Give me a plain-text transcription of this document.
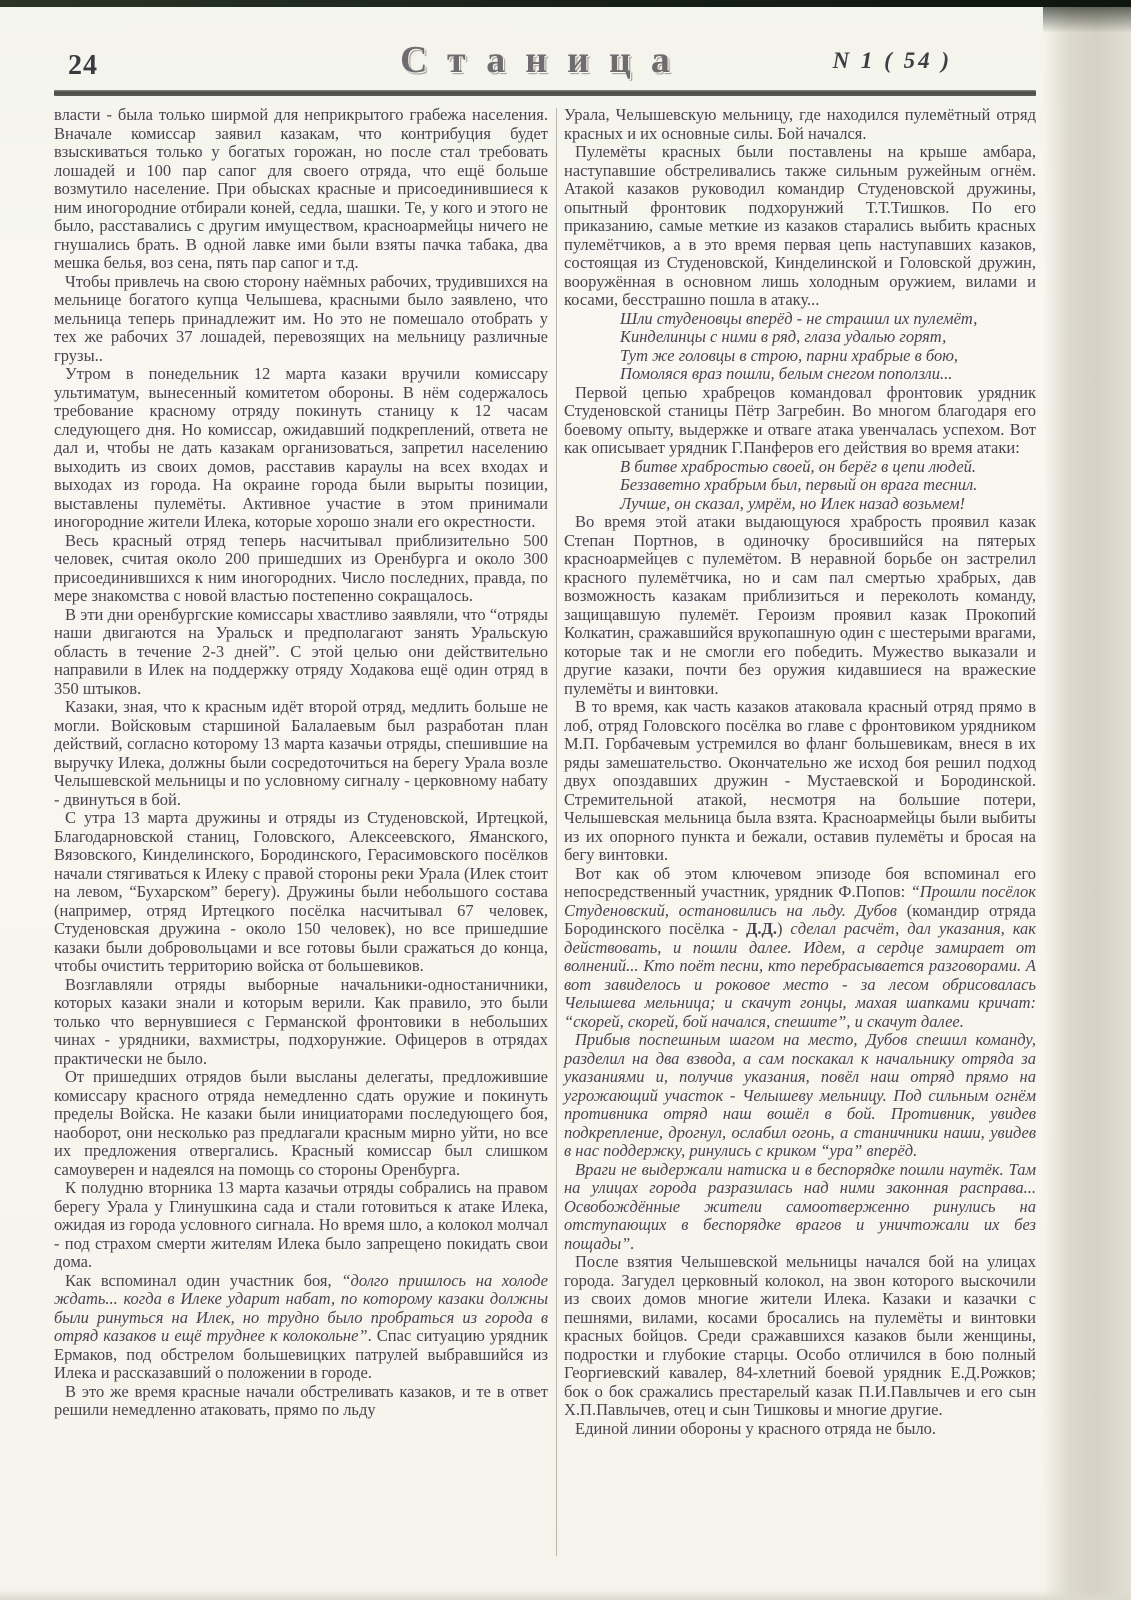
24	Станица	N 1 ( 54 )

власти - была только ширмой для неприкрытого грабежа населения. Вначале комиссар заявил казакам, что контрибуция будет взыскиваться только у богатых горожан, но после стал требовать лошадей и 100 пар сапог для своего отряда, что ещё больше возмутило население. При обысках красные и присоединившиеся к ним иногородние отбирали коней, седла, шашки. Те, у кого и этого не было, расставались с другим имуществом, красноармейцы ничего не гнушались брать. В одной лавке ими были взяты пачка табака, два мешка белья, воз сена, пять пар сапог и т.д.

Чтобы привлечь на свою сторону наёмных рабочих, трудившихся на мельнице богатого купца Челышева, красными было заявлено, что мельница теперь принадлежит им. Но это не помешало отобрать у тех же рабочих 37 лошадей, перевозящих на мельницу различные грузы..

Утром в понедельник 12 марта казаки вручили комиссару ультиматум, вынесенный комитетом обороны. В нём содержалось требование красному отряду покинуть станицу к 12 часам следующего дня. Но комиссар, ожидавший подкреплений, ответа не дал и, чтобы не дать казакам организоваться, запретил населению выходить из своих домов, расставив караулы на всех входах и выходах из города. На окраине города были вырыты позиции, выставлены пулемёты. Активное участие в этом принимали иногородние жители Илека, которые хорошо знали его окрестности.

Весь красный отряд теперь насчитывал приблизительно 500 человек, считая около 200 пришедших из Оренбурга и около 300 присоединившихся к ним иногородних. Число последних, правда, по мере знакомства с новой властью постепенно сокращалось.

В эти дни оренбургские комиссары хвастливо заявляли, что “отряды наши двигаются на Уральск и предполагают занять Уральскую область в течение 2-3 дней”. С этой целью они действительно направили в Илек на поддержку отряду Ходакова ещё один отряд в 350 штыков.

Казаки, зная, что к красным идёт второй отряд, медлить больше не могли. Войсковым старшиной Балалаевым был разработан план действий, согласно которому 13 марта казачьи отряды, спешившие на выручку Илека, должны были сосредоточиться на берегу Урала возле Челышевской мельницы и по условному сигналу - церковному набату - двинуться в бой.

С утра 13 марта дружины и отряды из Студеновской, Иртецкой, Благодарновской станиц, Головского, Алексеевского, Яманского, Вязовского, Кинделинского, Бородинского, Герасимовского посёлков начали стягиваться к Илеку с правой стороны реки Урала (Илек стоит на левом, “Бухарском” берегу). Дружины были небольшого состава (например, отряд Иртецкого посёлка насчитывал 67 человек, Студеновская дружина - около 150 человек), но все пришедшие казаки были добровольцами и все готовы были сражаться до конца, чтобы очистить территорию войска от большевиков.

Возглавляли отряды выборные начальники-одностаничники, которых казаки знали и которым верили. Как правило, это были только что вернувшиеся с Германской фронтовики в небольших чинах - урядники, вахмистры, подхорунжие. Офицеров в отрядах практически не было.

От пришедших отрядов были высланы делегаты, предложившие комиссару красного отряда немедленно сдать оружие и покинуть пределы Войска. Не казаки были инициаторами последующего боя, наоборот, они несколько раз предлагали красным мирно уйти, но все их предложения отвергались. Красный комиссар был слишком самоуверен и надеялся на помощь со стороны Оренбурга.

К полудню вторника 13 марта казачьи отряды собрались на правом берегу Урала у Глинушкина сада и стали готовиться к атаке Илека, ожидая из города условного сигнала. Но время шло, а колокол молчал - под страхом смерти жителям Илека было запрещено покидать свои дома.

Как вспоминал один участник боя, “долго пришлось на холоде ждать... когда в Илеке ударит набат, по которому казаки должны были ринуться на Илек, но трудно было пробраться из города в отряд казаков и ещё труднее к колокольне”. Спас ситуацию урядник Ермаков, под обстрелом большевицких патрулей выбравшийся из Илека и рассказавший о положении в городе.

В это же время красные начали обстреливать казаков, и те в ответ решили немедленно атаковать, прямо по льду

Урала, Челышевскую мельницу, где находился пулемётный отряд красных и их основные силы. Бой начался.

Пулемёты красных были поставлены на крыше амбара, наступавшие обстреливались также сильным ружейным огнём. Атакой казаков руководил командир Студеновской дружины, опытный фронтовик подхорунжий Т.Т.Тишков. По его приказанию, самые меткие из казаков старались выбить красных пулемётчиков, а в это время первая цепь наступавших казаков, состоящая из Студеновской, Кинделинской и Головской дружин, вооружённая в основном лишь холодным оружием, вилами и косами, бесстрашно пошла в атаку...

Шли студеновцы вперёд - не страшил их пулемёт,

Кинделинцы с ними в ряд, глаза удалью горят,

Тут же головцы в строю, парни храбрые в бою,

Помоляся враз пошли, белым снегом поползли...

Первой цепью храбрецов командовал фронтовик урядник Студеновской станицы Пётр Загребин. Во многом благодаря его боевому опыту, выдержке и отваге атака увенчалась успехом. Вот как описывает урядник Г.Панферов его действия во время атаки:

В битве храбростью своей, он берёг в цепи людей.

Беззаветно храбрым был, первый он врага теснил.

Лучше, он сказал, умрём, но Илек назад возьмем!

Во время этой атаки выдающуюся храбрость проявил казак Степан Портнов, в одиночку бросившийся на пятерых красноармейцев с пулемётом. В неравной борьбе он застрелил красного пулемётчика, но и сам пал смертью храбрых, дав возможность казакам приблизиться и переколоть команду, защищавшую пулемёт. Героизм проявил казак Прокопий Колкатин, сражавшийся врукопашную один с шестерыми врагами, которые так и не смогли его победить. Мужество выказали и другие казаки, почти без оружия кидавшиеся на вражеские пулемёты и винтовки.

В то время, как часть казаков атаковала красный отряд прямо в лоб, отряд Головского посёлка во главе с фронтовиком урядником М.П. Горбачевым устремился во фланг большевикам, внеся в их ряды замешательство. Окончательно же исход боя решил подход двух опоздавших дружин - Мустаевской и Бородинской. Стремительной атакой, несмотря на большие потери, Челышевская мельница была взята. Красноармейцы были выбиты из их опорного пункта и бежали, оставив пулемёты и бросая на бегу винтовки.

Вот как об этом ключевом эпизоде боя вспоминал его непосредственный участник, урядник Ф.Попов: “Прошли посёлок Студеновский, остановились на льду. Дубов (командир отряда Бородинского посёлка - Д.Д.) сделал расчёт, дал указания, как действовать, и пошли далее. Идем, а сердце замирает от волнений... Кто поёт песни, кто перебрасывается разговорами. А вот завиделось и роковое место - за лесом обрисовалась Челышева мельница; и скачут гонцы, махая шапками кричат: “скорей, скорей, бой начался, спешите”, и скачут далее.

Прибыв поспешным шагом на место, Дубов спешил команду, разделил на два взвода, а сам поскакал к начальнику отряда за указаниями и, получив указания, повёл наш отряд прямо на угрожающий участок - Челышеву мельницу. Под сильным огнём противника отряд наш вошёл в бой. Противник, увидев подкрепление, дрогнул, ослабил огонь, а станичники наши, увидев в нас поддержку, ринулись с криком “ура” вперёд.

Враги не выдержали натиска и в беспорядке пошли наутёк. Там на улицах города разразилась над ними законная расправа... Освобождённые жители самоотверженно ринулись на отступающих в беспорядке врагов и уничтожали их без пощады”.

После взятия Челышевской мельницы начался бой на улицах города. Загудел церковный колокол, на звон которого выскочили из своих домов многие жители Илека. Казаки и казачки с пешнями, вилами, косами бросались на пулемёты и винтовки красных бойцов. Среди сражавшихся казаков были женщины, подростки и глубокие старцы. Особо отличился в бою полный Георгиевский кавалер, 84-хлетний боевой урядник Е.Д.Рожков; бок о бок сражались престарелый казак П.И.Павлычев и его сын Х.П.Павлычев, отец и сын Тишковы и многие другие.

Единой линии обороны у красного отряда не было.
